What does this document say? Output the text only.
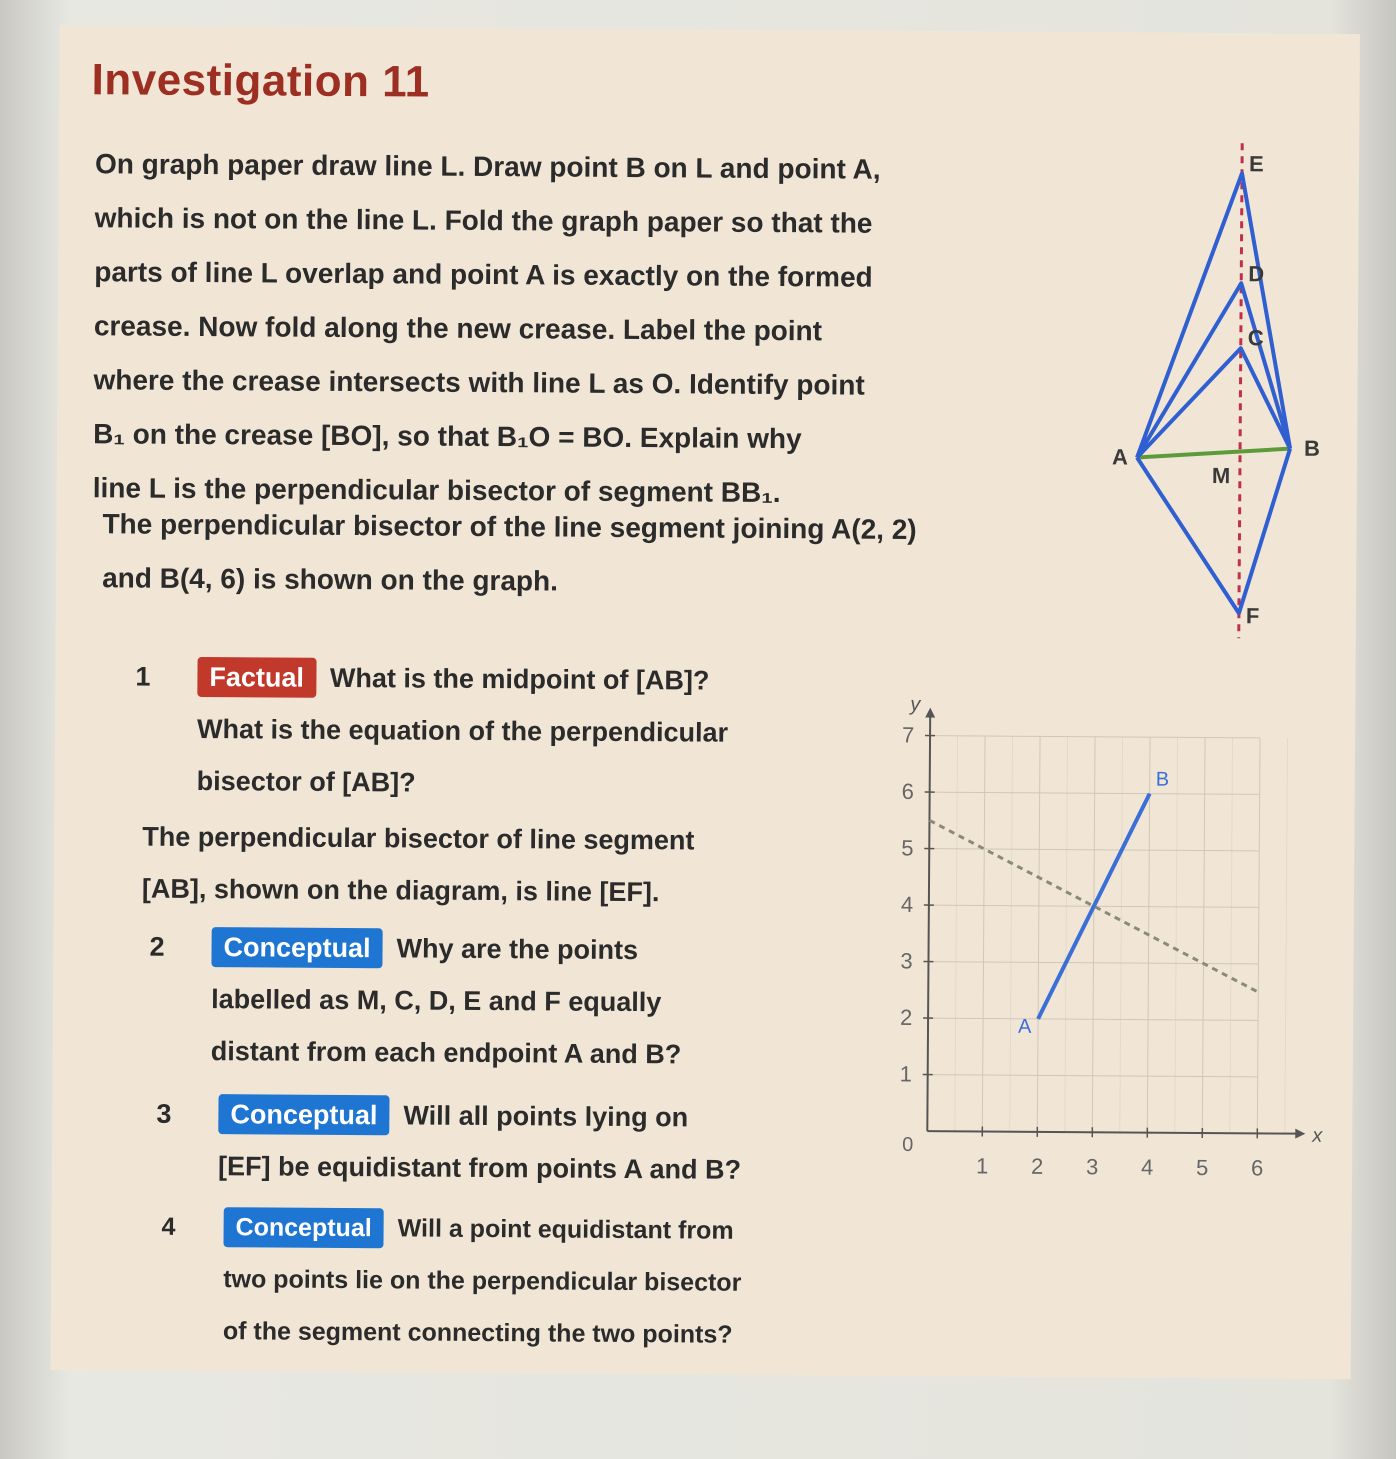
Investigation 11

On graph paper draw line L. Draw point B on L and point A,

which is not on the line L. Fold the graph paper so that the

parts of line L overlap and point A is exactly on the formed

crease. Now fold along the new crease. Label the point

where the crease intersects with line L as O. Identify point

B₁ on the crease [BO], so that B₁O = BO. Explain why

line L is the perpendicular bisector of segment BB₁.

The perpendicular bisector of the line segment joining A(2, 2)

and B(4, 6) is shown on the graph.

1	Factual What is the midpoint of [AB]?
What is the equation of the perpendicular
bisector of [AB]?

The perpendicular bisector of line segment

[AB], shown on the diagram, is line [EF].

2	Conceptual Why are the points
labelled as M, C, D, E and F equally
distant from each endpoint A and B?
3	Conceptual Will all points lying on
[EF] be equidistant from points A and B?
4	Conceptual Will a point equidistant from
two points lie on the perpendicular bisector
of the segment connecting the two points?
A	B
M
E
D
C
F
x
y
0
1 2 3 4 5 6
1
2
3
4
5
6
7
A
B
